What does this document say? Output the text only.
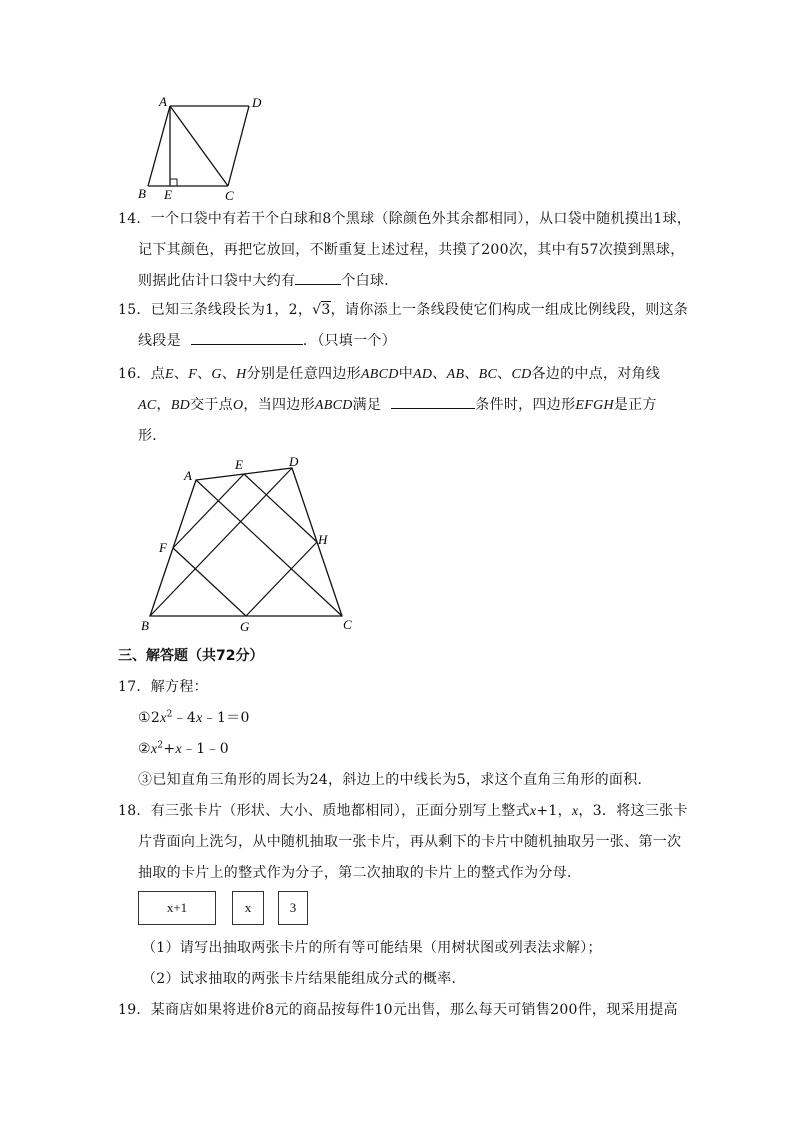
A	D
B E	C
14．一个口袋中有若干个白球和8个黑球（除颜色外其余都相同），从口袋中随机摸出1球，
记下其颜色，再把它放回，不断重复上述过程，共摸了200次，其中有57次摸到黑球，
则据此估计口袋中大约有	个白球．
15．已知三条线段长为1，2，√3，请你添上一条线段使它们构成一组成比例线段，则这条
线段是	．（只填一个）
16．点E、F、G、H分别是任意四边形ABCD中AD、AB、BC、CD各边的中点，对角线
AC，BD交于点O，当四边形ABCD满足	条件时，四边形EFGH是正方
形．
A
E	D
F
H
B	G	C
三、解答题（共72分）
17．解方程：
$①2x^2﹣4x﹣1=0$
$②x^2+x﹣1﹣0$
③已知直角三角形的周长为24，斜边上的中线长为5，求这个直角三角形的面积．
18．有三张卡片（形状、大小、质地都相同），正面分别写上整式x+1，x，3．将这三张卡
片背面向上洗匀，从中随机抽取一张卡片，再从剩下的卡片中随机抽取另一张、第一次
抽取的卡片上的整式作为分子，第二次抽取的卡片上的整式作为分母．
x+1	x	3
（1）请写出抽取两张卡片的所有等可能结果（用树状图或列表法求解）；
（2）试求抽取的两张卡片结果能组成分式的概率．
19．某商店如果将进价8元的商品按每件10元出售，那么每天可销售200件，现采用提高
